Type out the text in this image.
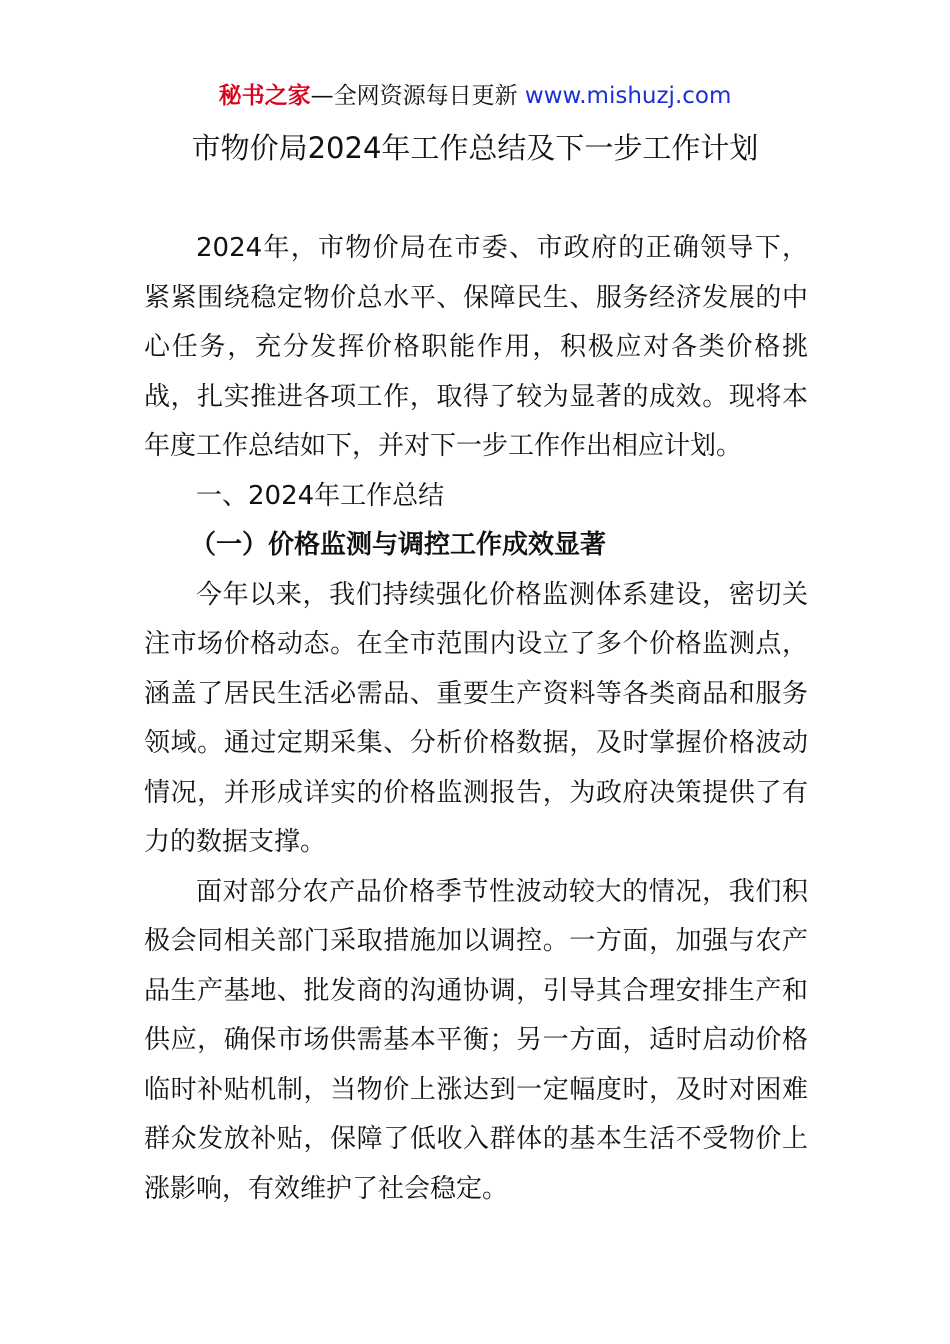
秘书之家—全网资源每日更新 www.mishuzj.com
市物价局2024年工作总结及下一步工作计划

2024年，市物价局在市委、市政府的正确领导下，紧紧围绕稳定物价总水平、保障民生、服务经济发展的中心任务，充分发挥价格职能作用，积极应对各类价格挑战，扎实推进各项工作，取得了较为显著的成效。现将本年度工作总结如下，并对下一步工作作出相应计划。

一、2024年工作总结

（一）价格监测与调控工作成效显著

今年以来，我们持续强化价格监测体系建设，密切关注市场价格动态。在全市范围内设立了多个价格监测点，涵盖了居民生活必需品、重要生产资料等各类商品和服务领域。通过定期采集、分析价格数据，及时掌握价格波动情况，并形成详实的价格监测报告，为政府决策提供了有力的数据支撑。

面对部分农产品价格季节性波动较大的情况，我们积极会同相关部门采取措施加以调控。一方面，加强与农产品生产基地、批发商的沟通协调，引导其合理安排生产和供应，确保市场供需基本平衡；另一方面，适时启动价格临时补贴机制，当物价上涨达到一定幅度时，及时对困难群众发放补贴，保障了低收入群体的基本生活不受物价上涨影响，有效维护了社会稳定。
